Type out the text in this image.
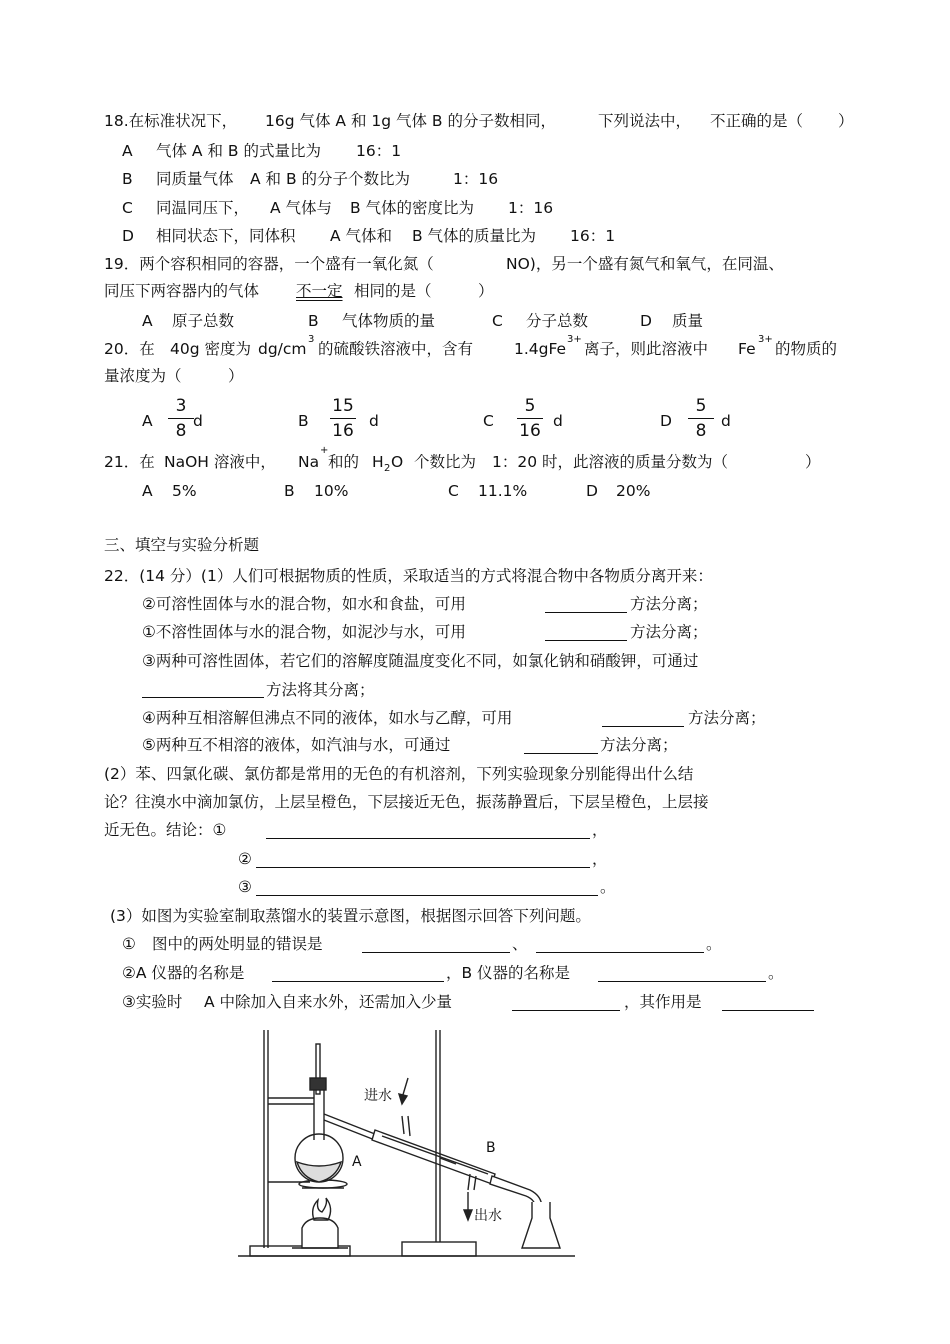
18.在标准状况下， 16g 气体 A 和 1g 气体 B 的分子数相同，	下列说法中， 不正确的是（ ）
A 气体 A 和 B 的式量比为 16：1
B 同质量气体 A 和 B 的分子个数比为	1：16
C 同温同压下， A 气体与 B 气体的密度比为 1：16
D 相同状态下，同体积 A 气体和 B 气体的质量比为 16：1
19．两个容积相同的容器，一个盛有一氧化氮（	NO)，另一个盛有氮气和氧气，在同温、
同压下两容器内的气体 不一定 相同的是（	）
A 原子总数	B 气体物质的量	C 分子总数	D 质量
20．在 40g 密度为 dg/cm
3
的硫酸铁溶液中，含有	1.4gFe
3+
离子，则此溶液中 Fe
3+
的物质的
量浓度为（　　　）
A
3
8 d	B
15
16 d	C
5
16 d	D
5
8 d
21．在 NaOH 溶液中， Na
+
和的 H 2 O 个数比为 1：20 时，此溶液的质量分数为（	）
A 5%	B 10%	C 11.1%	D 20%
三、填空与实验分析题
22．(14 分）(1）人们可根据物质的性质，采取适当的方式将混合物中各物质分离开来：
①不溶性固体与水的混合物，如泥沙与水，可用	方法分离；
②可溶性固体与水的混合物，如水和食盐，可用	方法分离；
③两种可溶性固体，若它们的溶解度随温度变化不同，如氯化钠和硝酸钾，可通过
方法将其分离；
④两种互相溶解但沸点不同的液体，如水与乙醇，可用	方法分离；
⑤两种互不相溶的液体，如汽油与水，可通过	方法分离；
(2）苯、四氯化碳、氯仿都是常用的无色的有机溶剂，下列实验现象分别能得出什么结
论？往溴水中滴加氯仿，上层呈橙色，下层接近无色，振荡静置后，下层呈橙色，上层接
近无色。结论：①	，
②	，
③	。
(3）如图为实验室制取蒸馏水的装置示意图，根据图示回答下列问题。
① 图中的两处明显的错误是	、	。
②A 仪器的名称是	，B 仪器的名称是	。
③实验时 A 中除加入自来水外，还需加入少量	，其作用是
进水
出水
A
B
